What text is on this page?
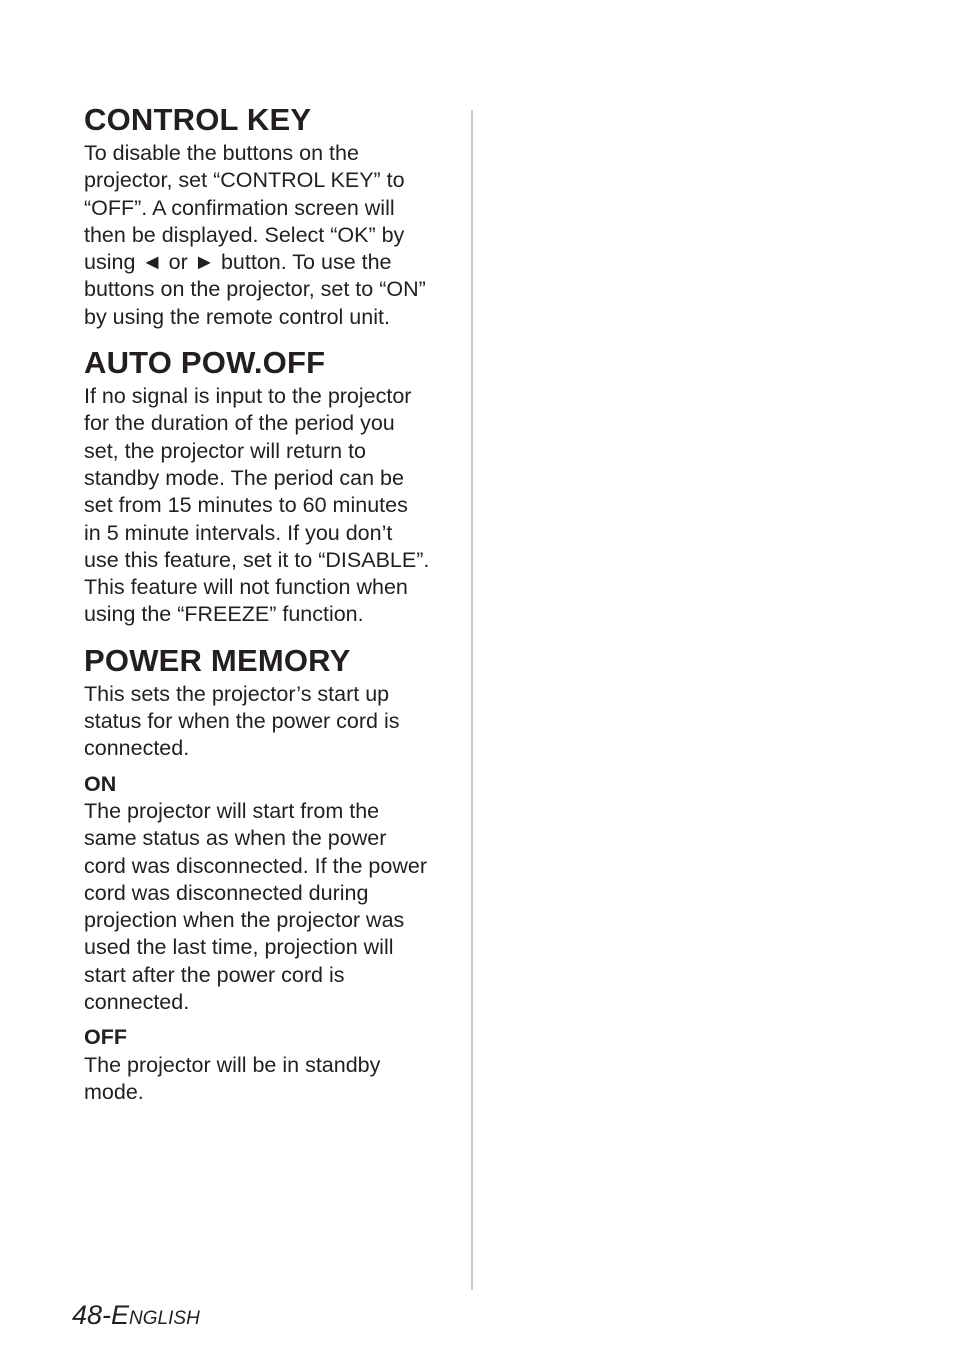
CONTROL KEY

To disable the buttons on the
projector, set “CONTROL KEY” to
“OFF”. A confirmation screen will
then be displayed. Select “OK” by
using ◄ or ► button. To use the
buttons on the projector, set to “ON”
by using the remote control unit.

AUTO POW.OFF

If no signal is input to the projector
for the duration of the period you
set, the projector will return to
standby mode. The period can be
set from 15 minutes to 60 minutes
in 5 minute intervals. If you don’t
use this feature, set it to “DISABLE”.
This feature will not function when
using the “FREEZE” function.

POWER MEMORY

This sets the projector’s start up
status for when the power cord is
connected.

ON

The projector will start from the
same status as when the power
cord was disconnected. If the power
cord was disconnected during
projection when the projector was
used the last time, projection will
start after the power cord is
connected.

OFF

The projector will be in standby
mode.

48-ENGLISH
